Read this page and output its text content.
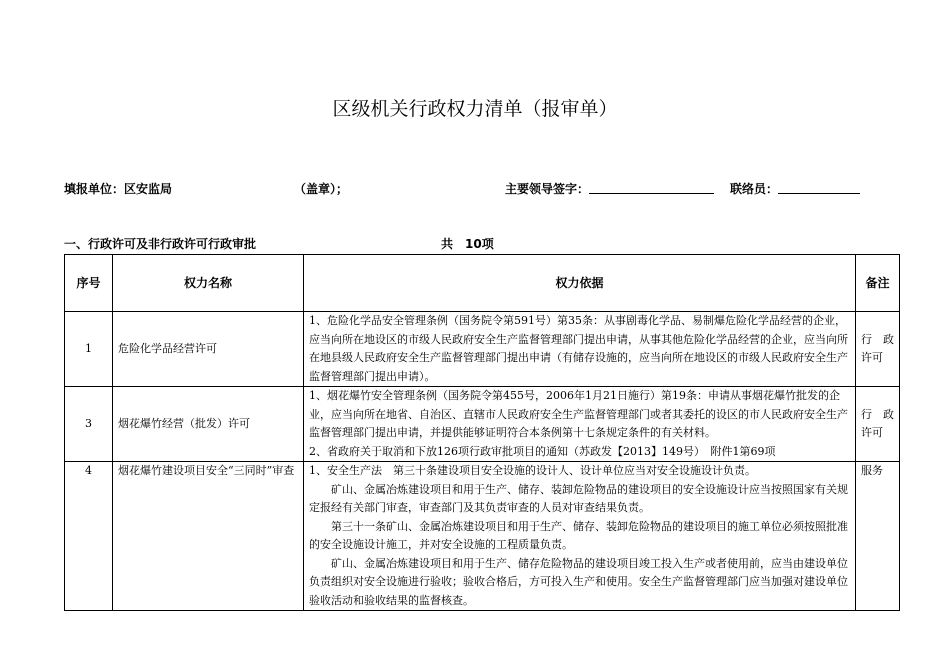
区级机关行政权力清单（报审单）
填报单位：区安监局	（盖章）；	主要领导签字：	联络员：
一、行政许可及非行政许可行政审批	共　10项
序号	权力名称	权力依据	备注
1	危险化学品经营许可	1、危险化学品安全管理条例（国务院令第591号）第35条：从事剧毒化学品、易制爆危险化学品经营的企业，应当向所在地设区的市级人民政府安全生产监督管理部门提出申请，从事其他危险化学品经营的企业，应当向所在地县级人民政府安全生产监督管理部门提出申请（有储存设施的，应当向所在地设区的市级人民政府安全生产监督管理部门提出申请）。	行　政许可
3	烟花爆竹经营（批发）许可	1、烟花爆竹安全管理条例（国务院令第455号，2006年1月21日施行）第19条：申请从事烟花爆竹批发的企业，应当向所在地省、自治区、直辖市人民政府安全生产监督管理部门或者其委托的设区的市人民政府安全生产监督管理部门提出申请，并提供能够证明符合本条例第十七条规定条件的有关材料。

2、省政府关于取消和下放126项行政审批项目的通知（苏政发【2013】149号）　附件1第69项	行　政许可
4	烟花爆竹建设项目安全“三同时”审查	1、安全生产法　第三十条建设项目安全设施的设计人、设计单位应当对安全设施设计负责。

矿山、金属冶炼建设项目和用于生产、储存、装卸危险物品的建设项目的安全设施设计应当按照国家有关规定报经有关部门审查，审查部门及其负责审查的人员对审查结果负责。

第三十一条矿山、金属冶炼建设项目和用于生产、储存、装卸危险物品的建设项目的施工单位必须按照批准的安全设施设计施工，并对安全设施的工程质量负责。

矿山、金属冶炼建设项目和用于生产、储存危险物品的建设项目竣工投入生产或者使用前，应当由建设单位负责组织对安全设施进行验收；验收合格后，方可投入生产和使用。安全生产监督管理部门应当加强对建设单位验收活动和验收结果的监督核查。	服务
